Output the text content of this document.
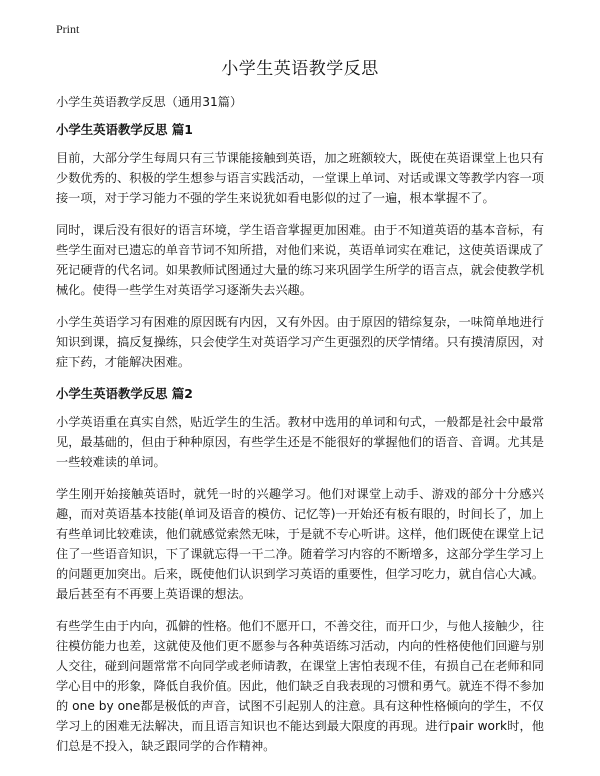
Print
小学生英语教学反思

小学生英语教学反思（通用31篇）

小学生英语教学反思 篇1

目前，大部分学生每周只有三节课能接触到英语，加之班额较大，既使在英语课堂上也只有少数优秀的、积极的学生想参与语言实践活动，一堂课上单词、对话或课文等教学内容一项接一项，对于学习能力不强的学生来说犹如看电影似的过了一遍，根本掌握不了。

同时，课后没有很好的语言环境，学生语音掌握更加困难。由于不知道英语的基本音标，有些学生面对已遗忘的单音节词不知所措，对他们来说，英语单词实在难记，这使英语课成了死记硬背的代名词。如果教师试图通过大量的练习来巩固学生所学的语言点，就会使教学机械化。使得一些学生对英语学习逐渐失去兴趣。

小学生英语学习有困难的原因既有内因，又有外因。由于原因的错综复杂，一味简单地进行知识到课，搞反复操练，只会使学生对英语学习产生更强烈的厌学情绪。只有摸清原因，对症下药，才能解决困难。

小学生英语教学反思 篇2

小学英语重在真实自然，贴近学生的生活。教材中选用的单词和句式，一般都是社会中最常见，最基础的，但由于种种原因，有些学生还是不能很好的掌握他们的语音、音调。尤其是一些较难读的单词。

学生刚开始接触英语时，就凭一时的兴趣学习。他们对课堂上动手、游戏的部分十分感兴趣，而对英语基本技能(单词及语音的模仿、记忆等)一开始还有板有眼的，时间长了，加上有些单词比较难读，他们就感觉索然无味，于是就不专心听讲。这样，他们既使在课堂上记住了一些语音知识，下了课就忘得一干二净。随着学习内容的不断增多，这部分学生学习上的问题更加突出。后来，既使他们认识到学习英语的重要性，但学习吃力，就自信心大减。最后甚至有不再要上英语课的想法。

有些学生由于内向，孤僻的性格。他们不愿开口，不善交往，而开口少，与他人接触少，往往模仿能力也差，这就使及他们更不愿参与各种英语练习活动，内向的性格使他们回避与别人交往，碰到问题常常不向同学或老师请教，在课堂上害怕表现不佳，有损自己在老师和同学心目中的形象，降低自我价值。因此，他们缺乏自我表现的习惯和勇气。就连不得不参加的 one by one都是极低的声音，试图不引起别人的注意。具有这种性格倾向的学生，不仅学习上的困难无法解决，而且语言知识也不能达到最大限度的再现。进行pair work时，他们总是不投入，缺乏跟同学的合作精神。
